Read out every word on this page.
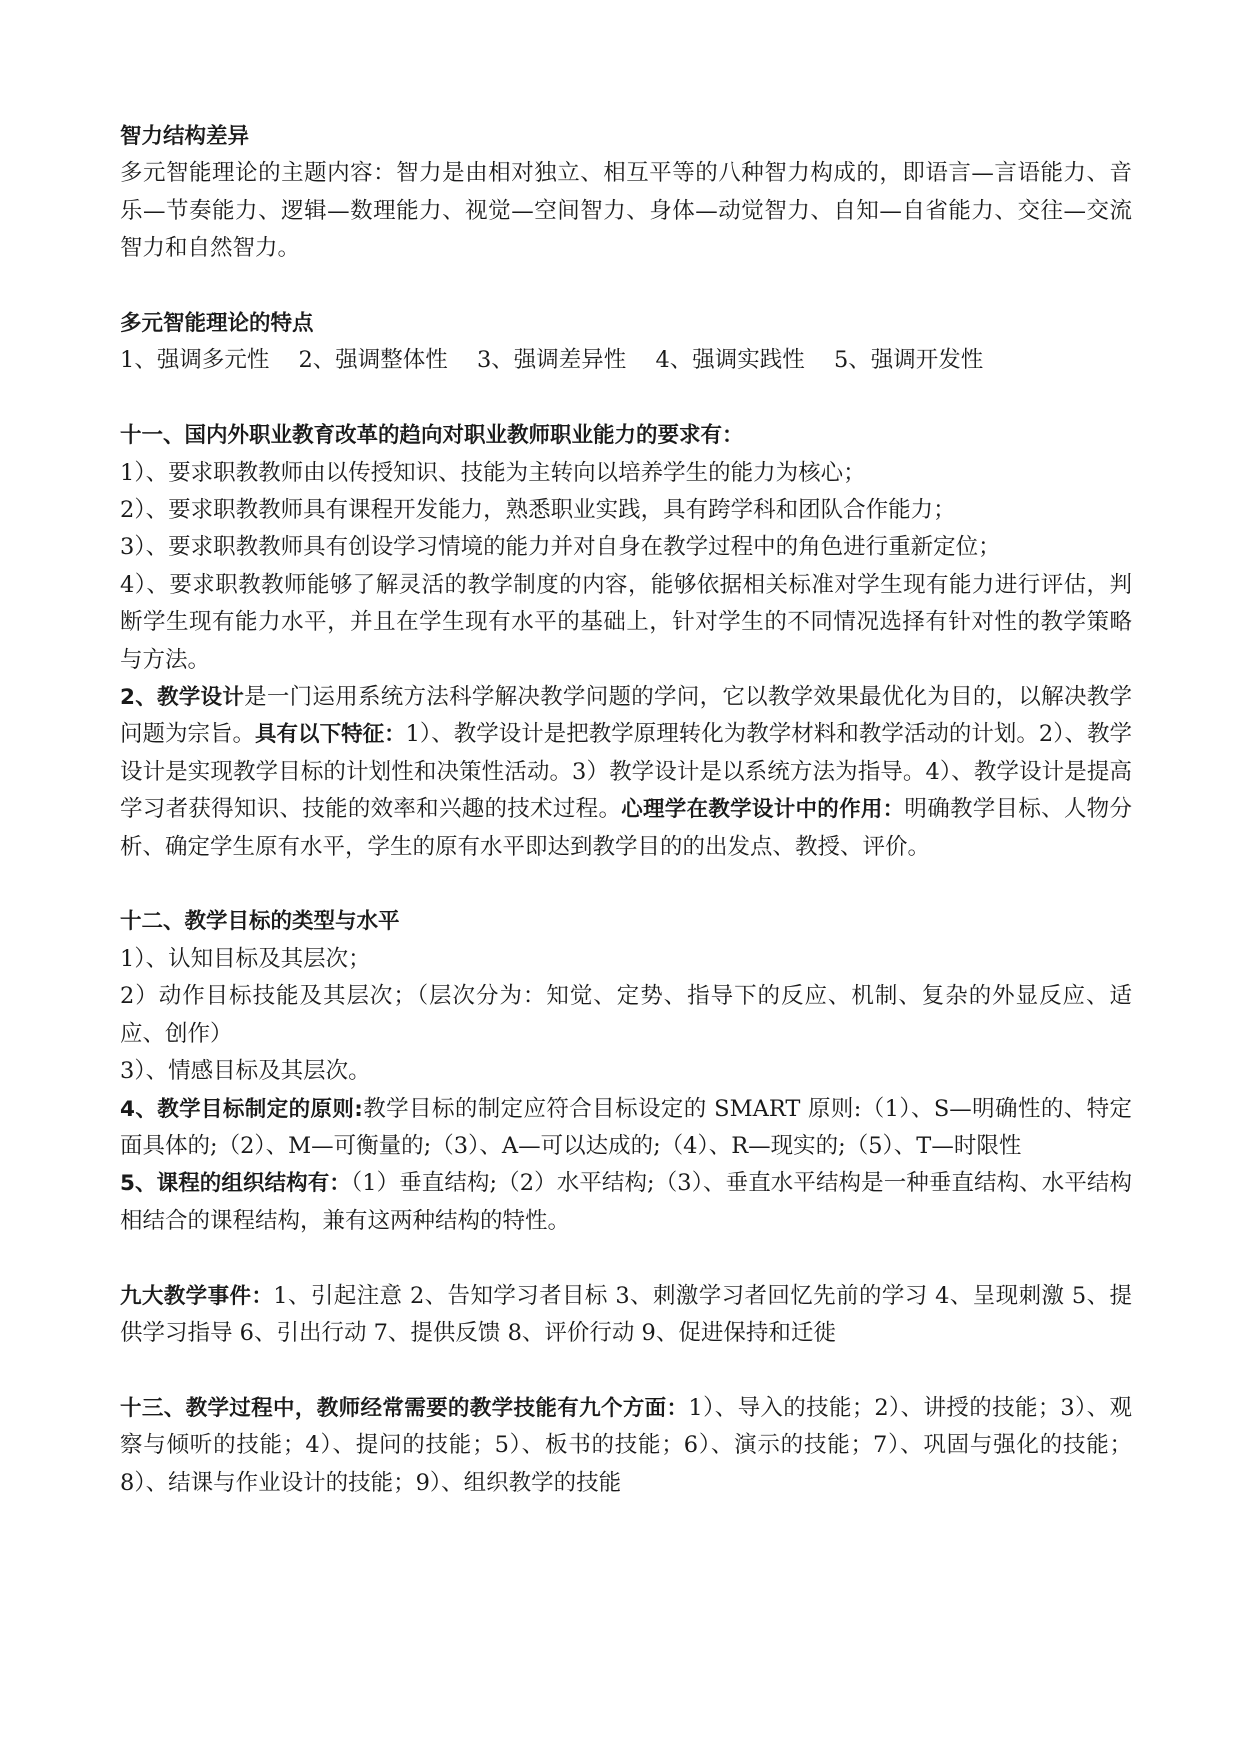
智力结构差异

多元智能理论的主题内容：智力是由相对独立、相互平等的八种智力构成的，即语言—言语能力、音乐—节奏能力、逻辑—数理能力、视觉—空间智力、身体—动觉智力、自知—自省能力、交往—交流智力和自然智力。

多元智能理论的特点

1、强调多元性 2、强调整体性 3、强调差异性 4、强调实践性 5、强调开发性

十一、国内外职业教育改革的趋向对职业教师职业能力的要求有：

1）、要求职教教师由以传授知识、技能为主转向以培养学生的能力为核心；

2）、要求职教教师具有课程开发能力，熟悉职业实践，具有跨学科和团队合作能力；

3）、要求职教教师具有创设学习情境的能力并对自身在教学过程中的角色进行重新定位；

4）、要求职教教师能够了解灵活的教学制度的内容，能够依据相关标准对学生现有能力进行评估，判断学生现有能力水平，并且在学生现有水平的基础上，针对学生的不同情况选择有针对性的教学策略与方法。

2、教学设计是一门运用系统方法科学解决教学问题的学问，它以教学效果最优化为目的，以解决教学问题为宗旨。具有以下特征：1）、教学设计是把教学原理转化为教学材料和教学活动的计划。2）、教学设计是实现教学目标的计划性和决策性活动。3）教学设计是以系统方法为指导。4）、教学设计是提高学习者获得知识、技能的效率和兴趣的技术过程。心理学在教学设计中的作用：明确教学目标、人物分析、确定学生原有水平，学生的原有水平即达到教学目的的出发点、教授、评价。

十二、教学目标的类型与水平

1）、认知目标及其层次；

2）动作目标技能及其层次；（层次分为：知觉、定势、指导下的反应、机制、复杂的外显反应、适应、创作）

3）、情感目标及其层次。

4、教学目标制定的原则:教学目标的制定应符合目标设定的 SMART 原则:（1）、S—明确性的、特定面具体的;（2）、M—可衡量的;（3）、A—可以达成的;（4）、R—现实的;（5）、T—时限性

5、课程的组织结构有：（1）垂直结构;（2）水平结构;（3）、垂直水平结构是一种垂直结构、水平结构相结合的课程结构，兼有这两种结构的特性。

九大教学事件：1、引起注意 2、告知学习者目标 3、刺激学习者回忆先前的学习 4、呈现刺激 5、提供学习指导 6、引出行动 7、提供反馈 8、评价行动 9、促进保持和迁徙

十三、教学过程中，教师经常需要的教学技能有九个方面：1）、导入的技能；2）、讲授的技能；3）、观察与倾听的技能；4）、提问的技能；5）、板书的技能；6）、演示的技能；7）、巩固与强化的技能；8）、结课与作业设计的技能；9）、组织教学的技能
